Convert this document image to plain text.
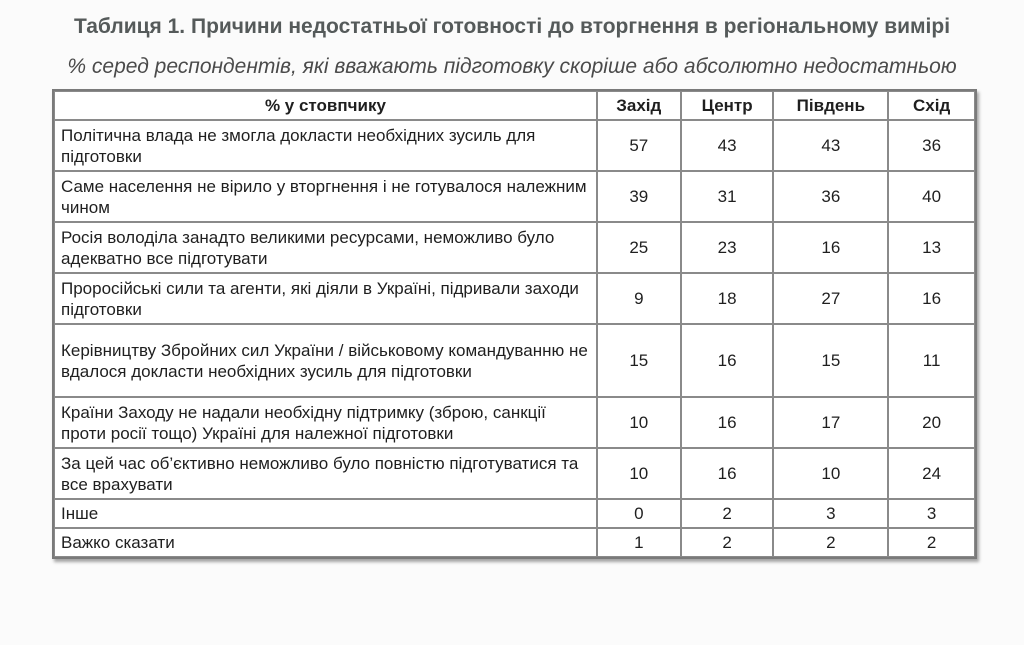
Таблиця 1. Причини недостатньої готовності до вторгнення в регіональному вимірі

% серед респондентів, які вважають підготовку скоріше або абсолютно недостатньою

% у стовпчику	Захід	Центр	Південь	Схід
Політична влада не змогла докласти необхідних зусиль для підготовки	57	43	43	36
Саме населення не вірило у вторгнення і не готувалося належним чином	39	31	36	40
Росія володіла занадто великими ресурсами, неможливо було адекватно все підготувати	25	23	16	13
Проросійські сили та агенти, які діяли в Україні, підривали заходи підготовки	9	18	27	16
Керівництву Збройних сил України / військовому командуванню не вдалося докласти необхідних зусиль для підготовки	15	16	15	11
Країни Заходу не надали необхідну підтримку (зброю, санкції проти росії тощо) Україні для належної підготовки	10	16	17	20
За цей час об’єктивно неможливо було повністю підготуватися та все врахувати	10	16	10	24
Інше	0	2	3	3
Важко сказати	1	2	2	2
